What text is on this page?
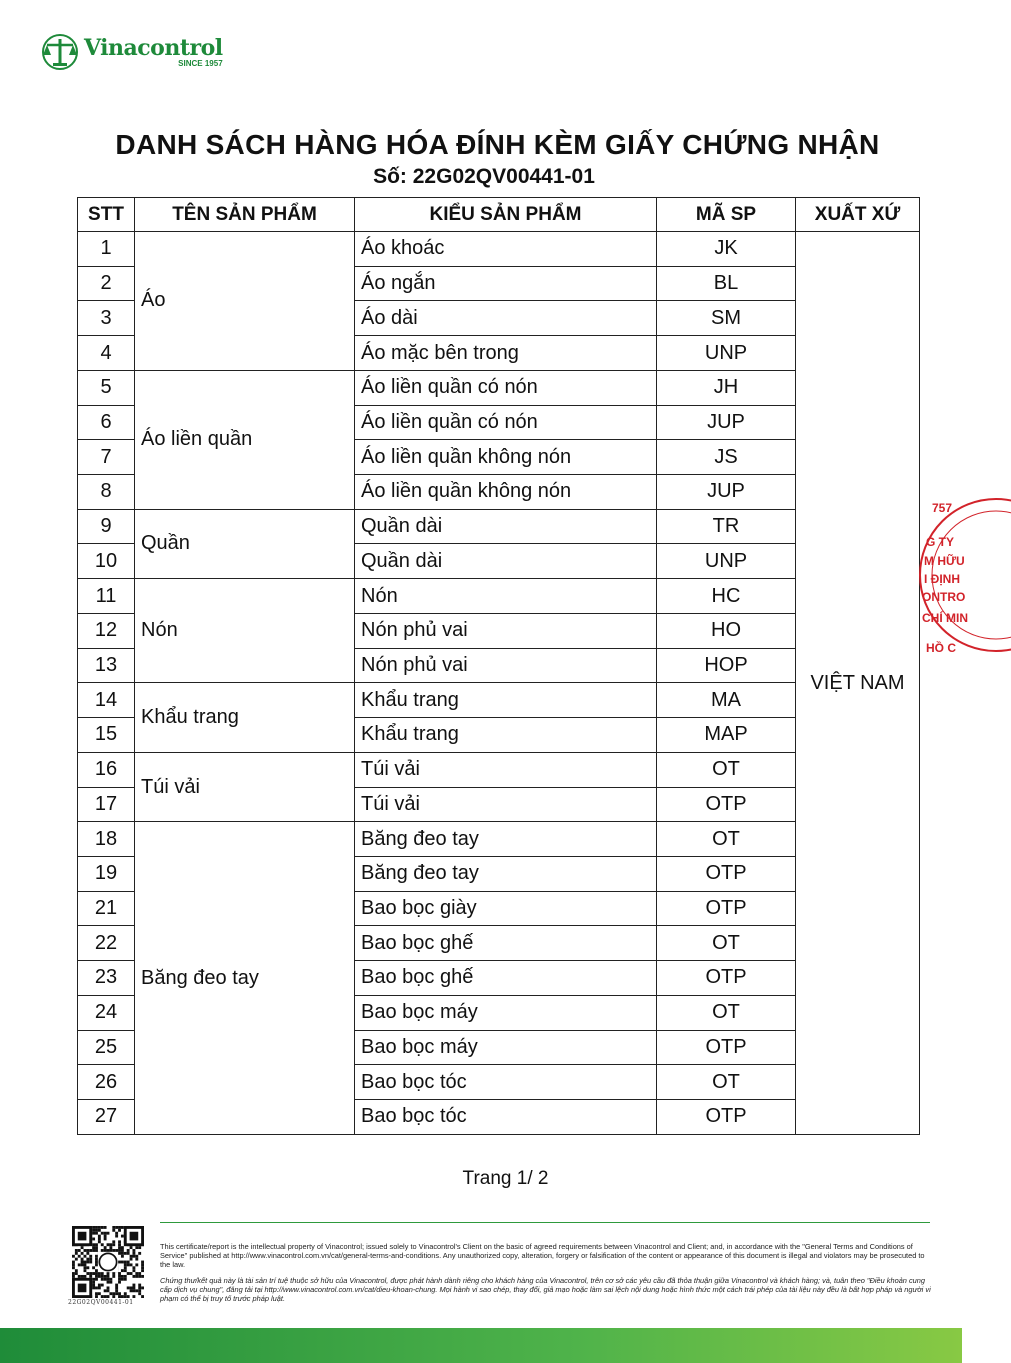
Vinacontrol
SINCE 1957
DANH SÁCH HÀNG HÓA ĐÍNH KÈM GIẤY CHỨNG NHẬN
Số: 22G02QV00441-01
STT	TÊN SẢN PHẨM	KIỂU SẢN PHẨM	MÃ SP	XUẤT XỨ
1	Áo	Áo khoác	JK	VIỆT NAM
2		Áo ngắn	BL	
3		Áo dài	SM	
4		Áo mặc bên trong	UNP	
5	Áo liền quần	Áo liền quần có nón	JH	
6		Áo liền quần có nón	JUP	
7		Áo liền quần không nón	JS	
8		Áo liền quần không nón	JUP	
9	Quần	Quần dài	TR	
10		Quần dài	UNP	
11	Nón	Nón	HC	
12		Nón phủ vai	HO	
13		Nón phủ vai	HOP	
14	Khẩu trang	Khẩu trang	MA	
15		Khẩu trang	MAP	
16	Túi vải	Túi vải	OT	
17		Túi vải	OTP	
18	Băng đeo tay	Băng đeo tay	OT	
19		Băng đeo tay	OTP	
21		Bao bọc giày	OTP	
22		Bao bọc ghế	OT	
23		Bao bọc ghế	OTP	
24		Bao bọc máy	OT	
25		Bao bọc máy	OTP	
26		Bao bọc tóc	OT	
27		Bao bọc tóc	OTP	
757
G TY
M HỮU
I ĐỊNH
ONTRO
CHÍ MIN
HỒ C
Trang 1/ 2
22G02QV00441-01
This certificate/report is the intellectual property of Vinacontrol; issued solely to Vinacontrol's Client on the basic of agreed requirements between Vinacontrol and Client; and, in accordance with the "General Terms and Conditions of Service" published at http://www.vinacontrol.com.vn/cat/general-terms-and-conditions. Any unauthorized copy, alteration, forgery or falsification of the content or appearance of this document is illegal and violators may be prosecuted to the law.
Chứng thư/kết quả này là tài sản trí tuệ thuộc sở hữu của Vinacontrol, được phát hành dành riêng cho khách hàng của Vinacontrol, trên cơ sở các yêu cầu đã thỏa thuận giữa Vinacontrol và khách hàng; và, tuân theo "Điều khoản cung cấp dịch vụ chung", đăng tải tại http://www.vinacontrol.com.vn/cat/dieu-khoan-chung. Mọi hành vi sao chép, thay đổi, giả mạo hoặc làm sai lệch nội dung hoặc hình thức một cách trái phép của tài liệu này đều là bất hợp pháp và người vi phạm có thể bị truy tố trước pháp luật.
